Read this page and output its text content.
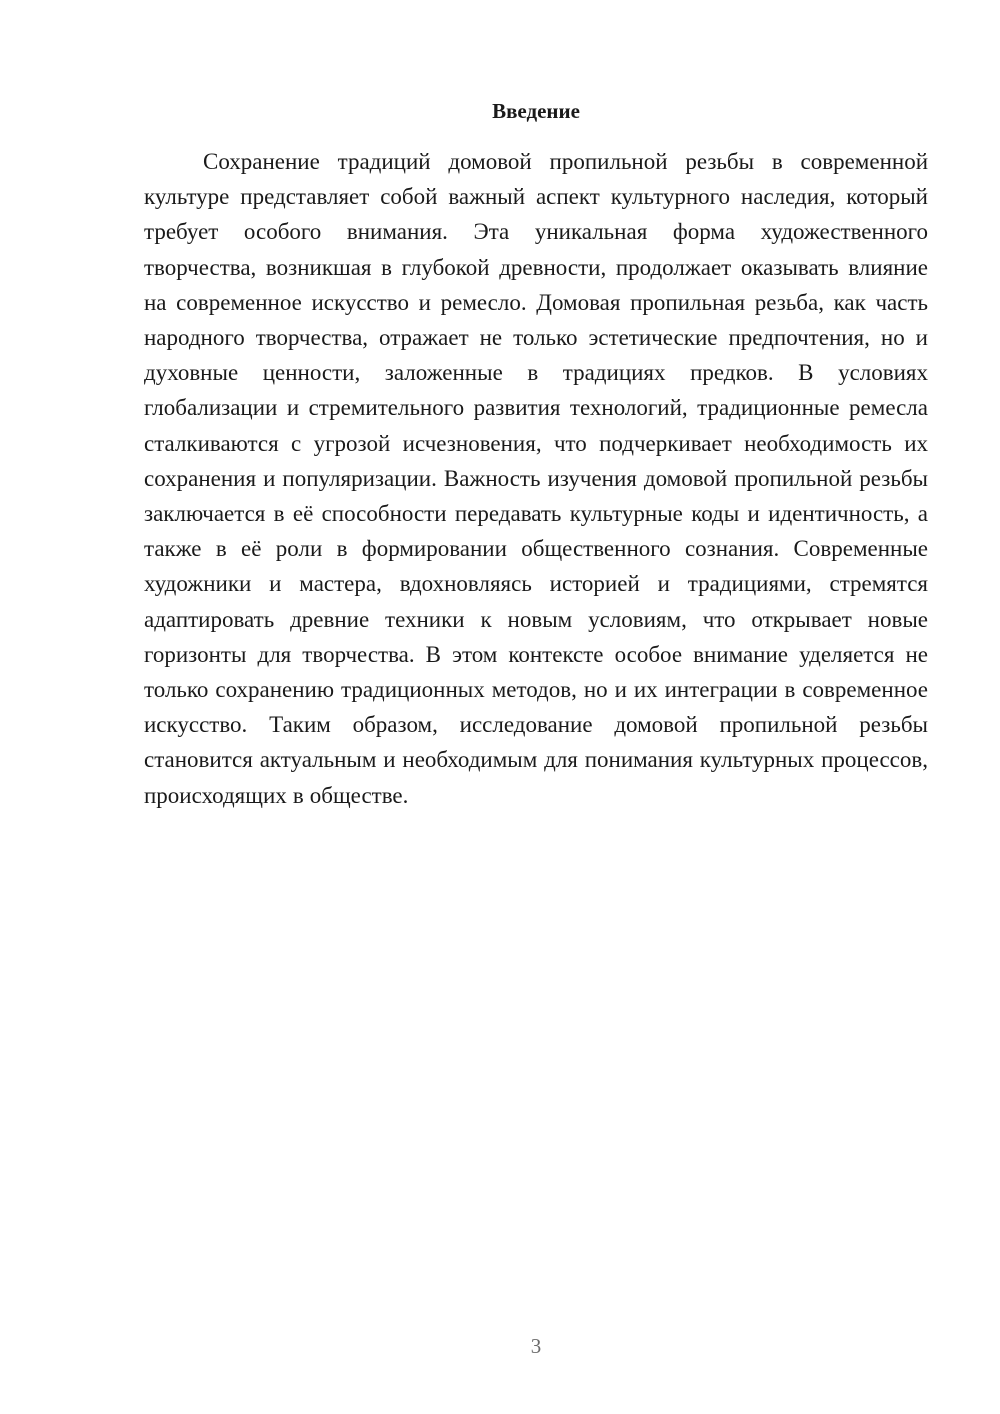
Введение

Сохранение традиций домовой пропильной резьбы в современной культуре представляет собой важный аспект культурного наследия, который требует особого внимания. Эта уникальная форма художественного творчества, возникшая в глубокой древности, продолжает оказывать влияние на современное искусство и ремесло. Домовая пропильная резьба, как часть народного творчества, отражает не только эстетические предпочтения, но и духовные ценности, заложенные в традициях предков. В условиях глобализации и стремительного развития технологий, традиционные ремесла сталкиваются с угрозой исчезновения, что подчеркивает необходимость их сохранения и популяризации. Важность изучения домовой пропильной резьбы заключается в её способности передавать культурные коды и идентичность, а также в её роли в формировании общественного сознания. Современные художники и мастера, вдохновляясь историей и традициями, стремятся адаптировать древние техники к новым условиям, что открывает новые горизонты для творчества. В этом контексте особое внимание уделяется не только сохранению традиционных методов, но и их интеграции в современное искусство. Таким образом, исследование домовой пропильной резьбы становится актуальным и необходимым для понимания культурных процессов, происходящих в обществе.

3
